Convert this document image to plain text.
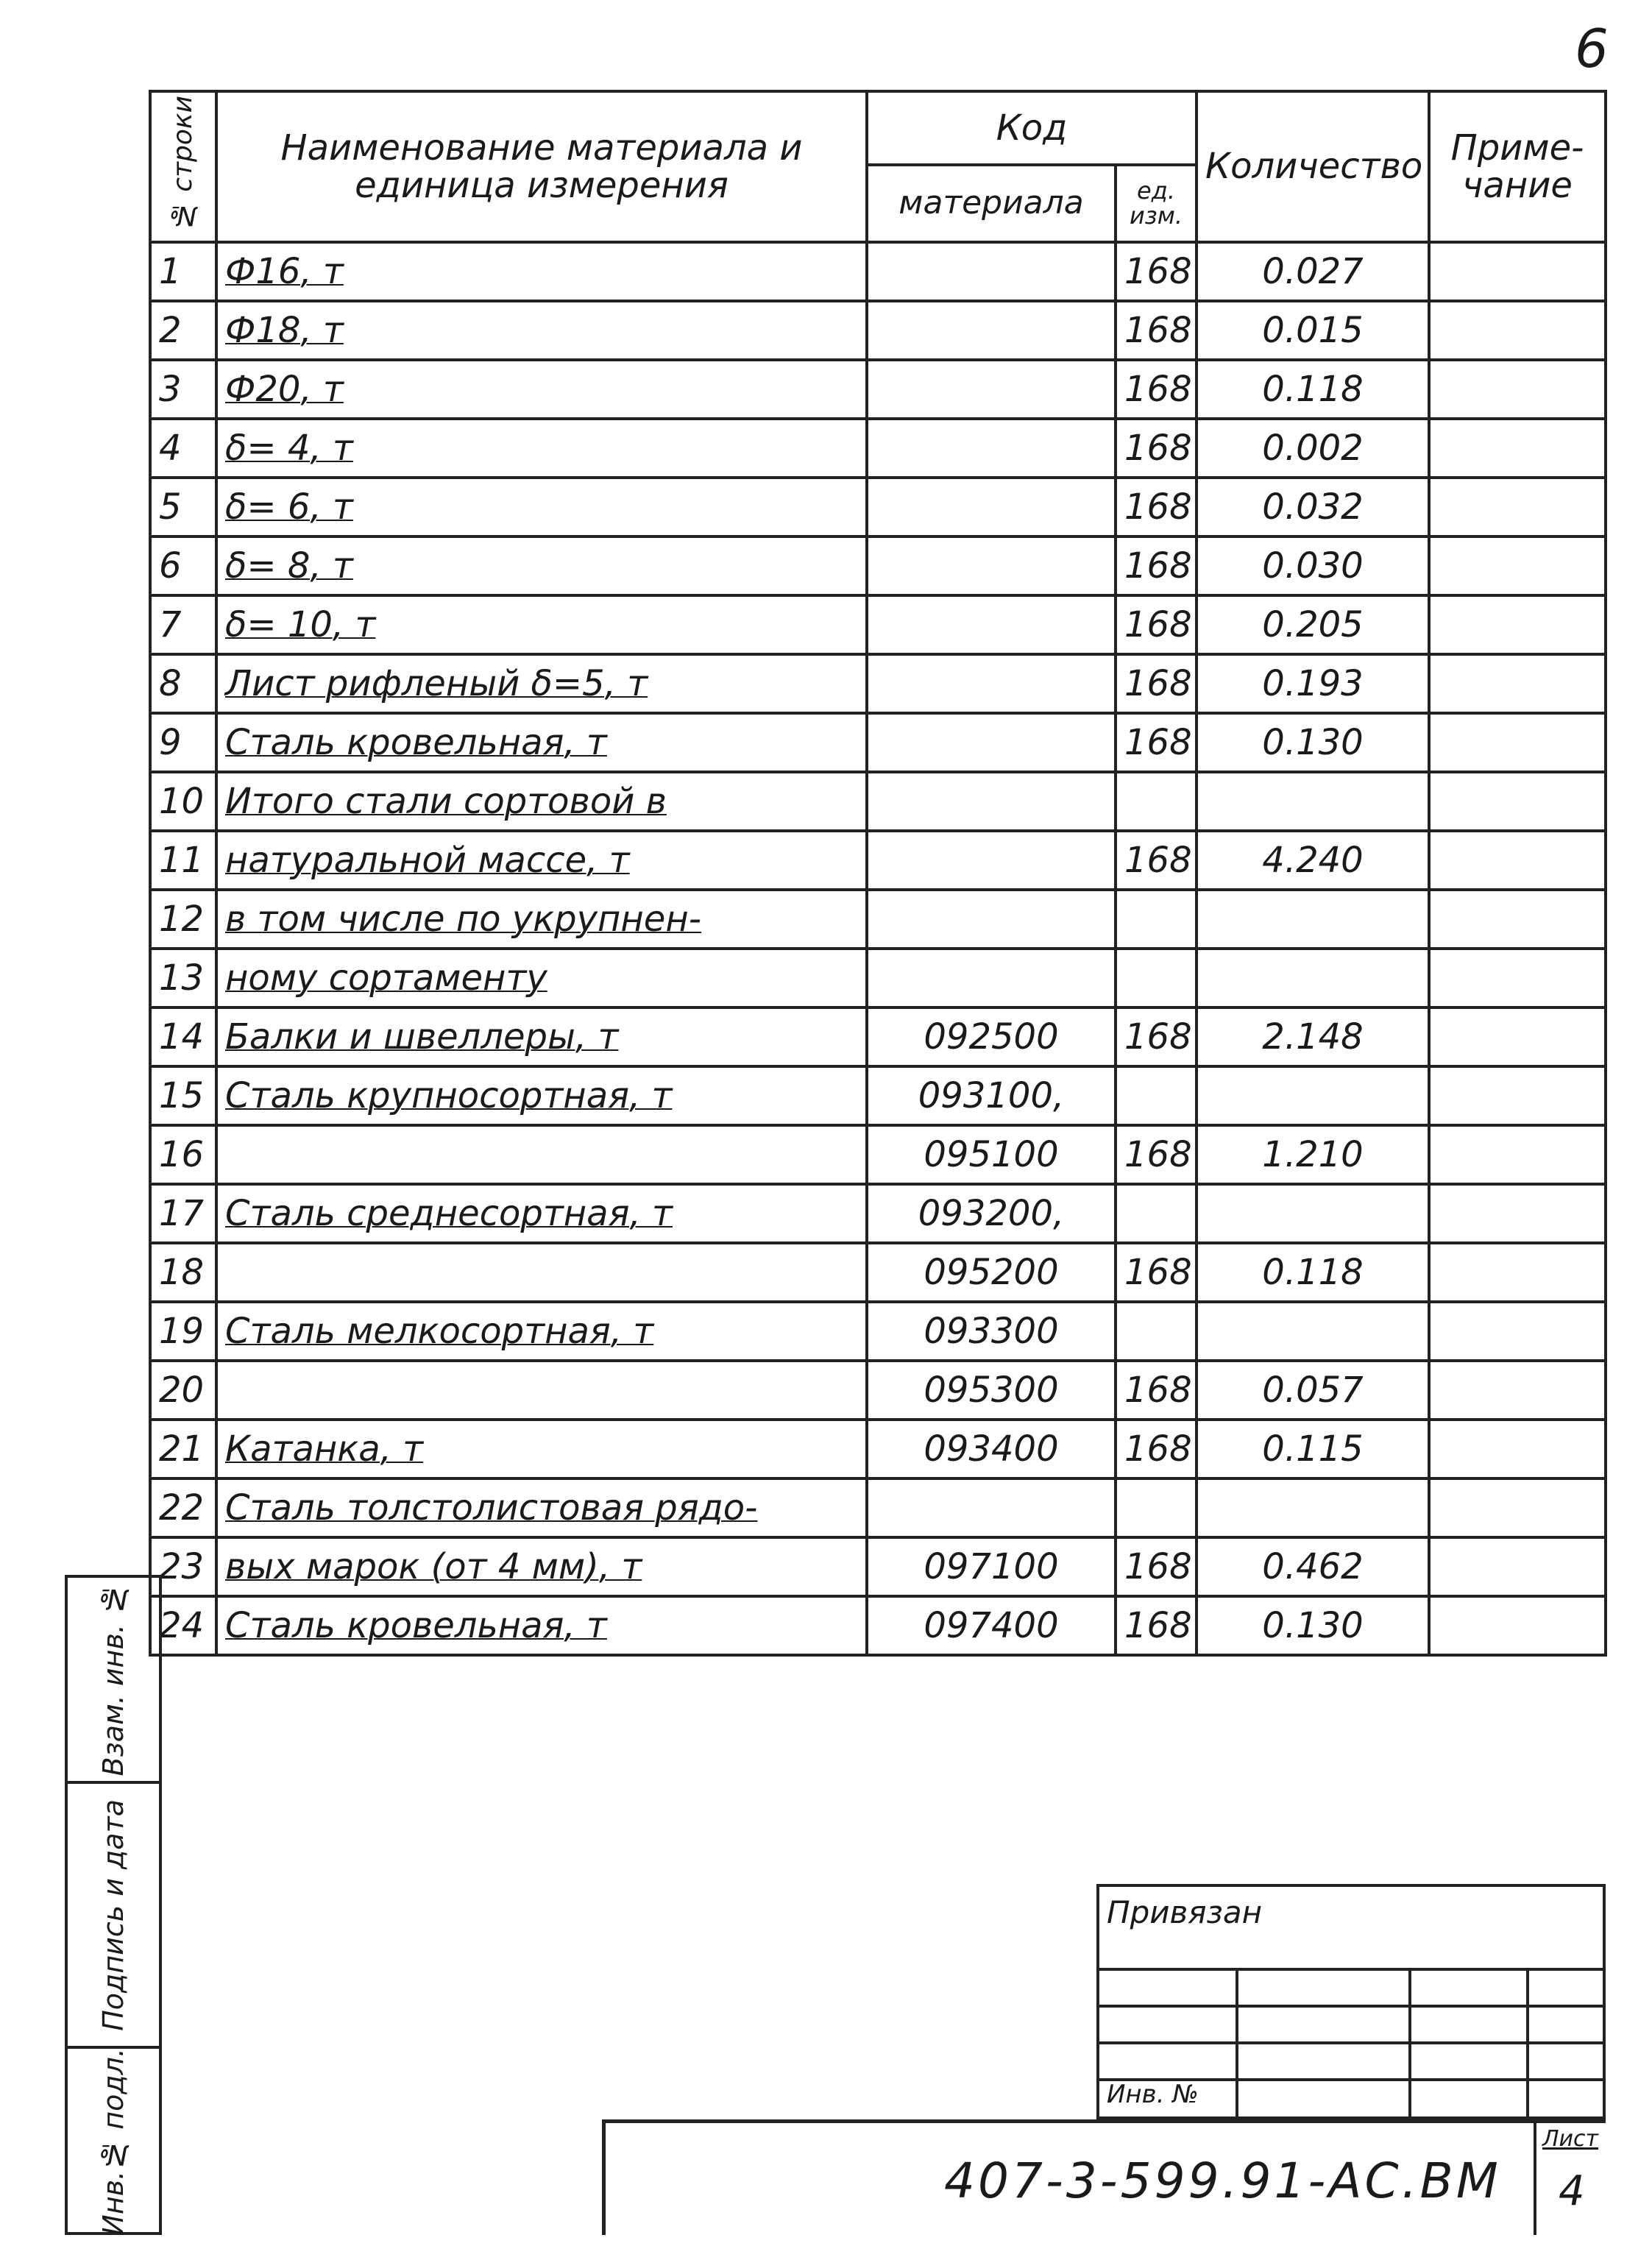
6
№ строки	Наименование материала и единица измерения	Код		Количество	Приме- чание
		материала	ед. изм.		
1	Ф16, т		168	0.027	
2	Ф18, т		168	0.015	
3	Ф20, т		168	0.118	
4	δ= 4, т		168	0.002	
5	δ= 6, т		168	0.032	
6	δ= 8, т		168	0.030	
7	δ= 10, т		168	0.205	
8	Лист рифленый δ=5, т		168	0.193	
9	Сталь кровельная, т		168	0.130	
10	Итого стали сортовой в				
11	натуральной массе, т		168	4.240	
12	в том числе по укрупнен-				
13	ному сортаменту				
14	Балки и швеллеры, т	092500	168	2.148	
15	Сталь крупносортная, т	093100,			
16		095100	168	1.210	
17	Сталь среднесортная, т	093200,			
18		095200	168	0.118	
19	Сталь мелкосортная, т	093300			
20		095300	168	0.057	
21	Катанка, т	093400	168	0.115	
22	Сталь толстолистовая рядо-				
23	вых марок (от 4 мм), т	097100	168	0.462	
24	Сталь кровельная, т	097400	168	0.130	
Взам. инв. №
Подпись и дата
Инв.№ подл.
Привязан
Инв. №
407-3-599.91-АС.ВМ
Лист
4
